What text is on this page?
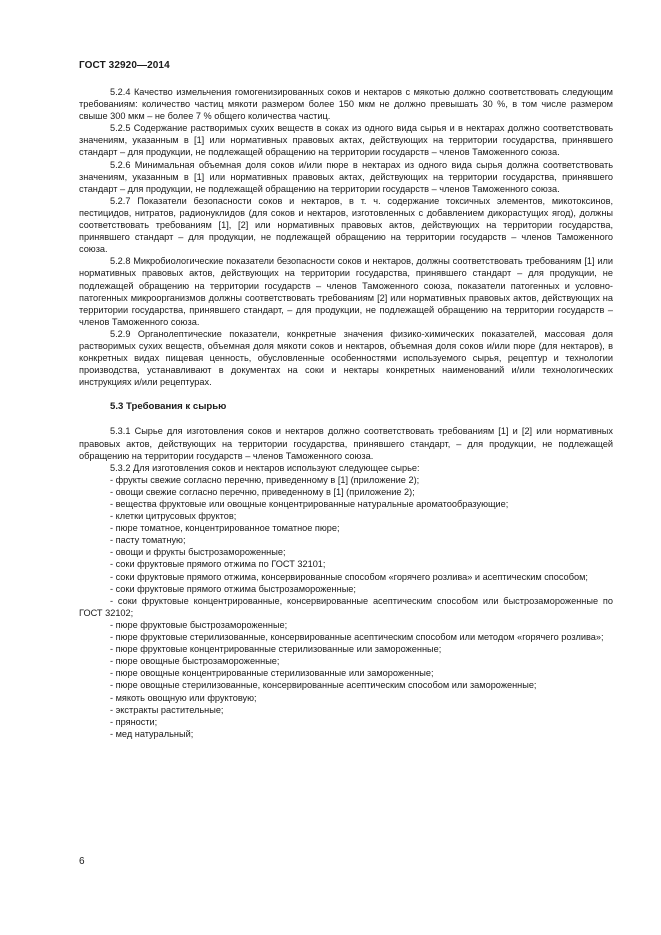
ГОСТ 32920—2014

5.2.4 Качество измельчения гомогенизированных соков и нектаров с мякотью должно соответствовать следующим требованиям: количество частиц мякоти размером более 150 мкм не должно превышать 30 %, в том числе размером свыше 300 мкм – не более 7 % общего количества частиц.

5.2.5 Содержание растворимых сухих веществ в соках из одного вида сырья и в нектарах должно соответствовать значениям, указанным в [1] или нормативных правовых актах, действующих на территории государства, принявшего стандарт – для продукции, не подлежащей обращению на территории государств – членов Таможенного союза.

5.2.6 Минимальная объемная доля соков и/или пюре в нектарах из одного вида сырья должна соответствовать значениям, указанным в [1] или нормативных правовых актах, действующих на территории государства, принявшего стандарт – для продукции, не подлежащей обращению на территории государств – членов Таможенного союза.

5.2.7 Показатели безопасности соков и нектаров, в т. ч. содержание токсичных элементов, микотоксинов, пестицидов, нитратов, радионуклидов (для соков и нектаров, изготовленных с добавлением дикорастущих ягод), должны соответствовать требованиям [1], [2] или нормативных правовых актов, действующих на территории государства, принявшего стандарт – для продукции, не подлежащей обращению на территории государств – членов Таможенного союза.

5.2.8 Микробиологические показатели безопасности соков и нектаров, должны соответствовать требованиям [1] или нормативных правовых актов, действующих на территории государства, принявшего стандарт – для продукции, не подлежащей обращению на территории государств – членов Таможенного союза, показатели патогенных и условно-патогенных микроорганизмов должны соответствовать требованиям [2] или нормативных правовых актов, действующих на территории государства, принявшего стандарт, – для продукции, не подлежащей обращению на территории государств – членов Таможенного союза.

5.2.9 Органолептические показатели, конкретные значения физико-химических показателей, массовая доля растворимых сухих веществ, объемная доля мякоти соков и нектаров, объемная доля соков и/или пюре (для нектаров), в конкретных видах пищевая ценность, обусловленные особенностями используемого сырья, рецептур и технологии производства, устанавливают в документах на соки и нектары конкретных наименований и/или технологических инструкциях и/или рецептурах.

5.3 Требования к сырью

5.3.1 Сырье для изготовления соков и нектаров должно соответствовать требованиям [1] и [2] или нормативных правовых актов, действующих на территории государства, принявшего стандарт, – для продукции, не подлежащей обращению на территории государств – членов Таможенного союза.

5.3.2 Для изготовления соков и нектаров используют следующее сырье:

- фрукты свежие согласно перечню, приведенному в [1] (приложение 2);

- овощи свежие согласно перечню, приведенному в [1] (приложение 2);

- вещества фруктовые или овощные концентрированные натуральные ароматообразующие;

- клетки цитрусовых фруктов;

- пюре томатное, концентрированное томатное пюре;

- пасту томатную;

- овощи и фрукты быстрозамороженные;

- соки фруктовые прямого отжима по ГОСТ 32101;

- соки фруктовые прямого отжима, консервированные способом «горячего розлива» и асептическим способом;

- соки фруктовые прямого отжима быстрозамороженные;

- соки фруктовые концентрированные, консервированные асептическим способом или быстрозамороженные по ГОСТ 32102;

- пюре фруктовые быстрозамороженные;

- пюре фруктовые стерилизованные, консервированные асептическим способом или методом «горячего розлива»;

- пюре фруктовые концентрированные стерилизованные или замороженные;

- пюре овощные быстрозамороженные;

- пюре овощные концентрированные стерилизованные или замороженные;

- пюре овощные стерилизованные, консервированные асептическим способом или замороженные;

- мякоть овощную или фруктовую;

- экстракты растительные;

- пряности;

- мед натуральный;

6
